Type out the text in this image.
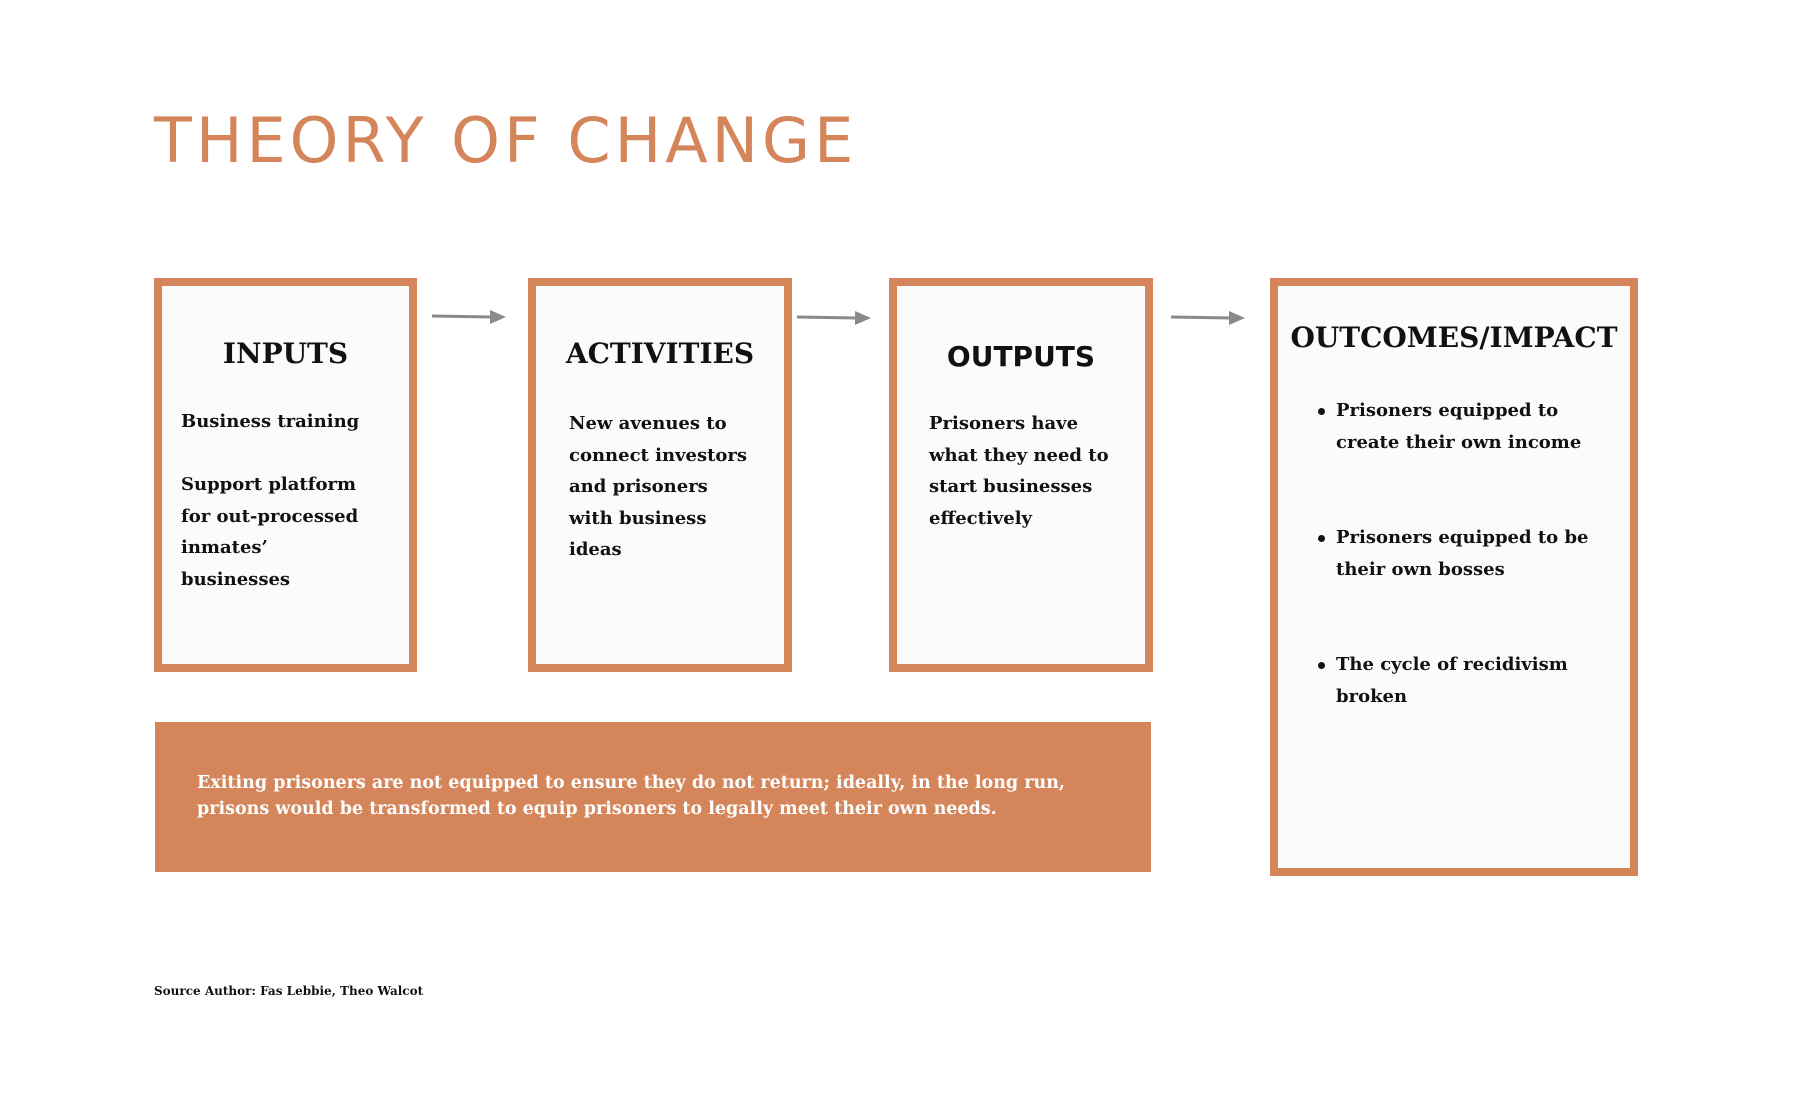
THEORY OF CHANGE
INPUTS
Business training
Support platform for out-processed inmates’ businesses
ACTIVITIES
New avenues to connect investors and prisoners with business ideas
OUTPUTS
Prisoners have what they need to start businesses effectively
OUTCOMES/IMPACT
Prisoners equipped to create their own income
Prisoners equipped to be their own bosses
The cycle of recidivism broken
Exiting prisoners are not equipped to ensure they do not return; ideally, in the long run, prisons would be transformed to equip prisoners to legally meet their own needs.
Source Author: Fas Lebbie, Theo Walcot
